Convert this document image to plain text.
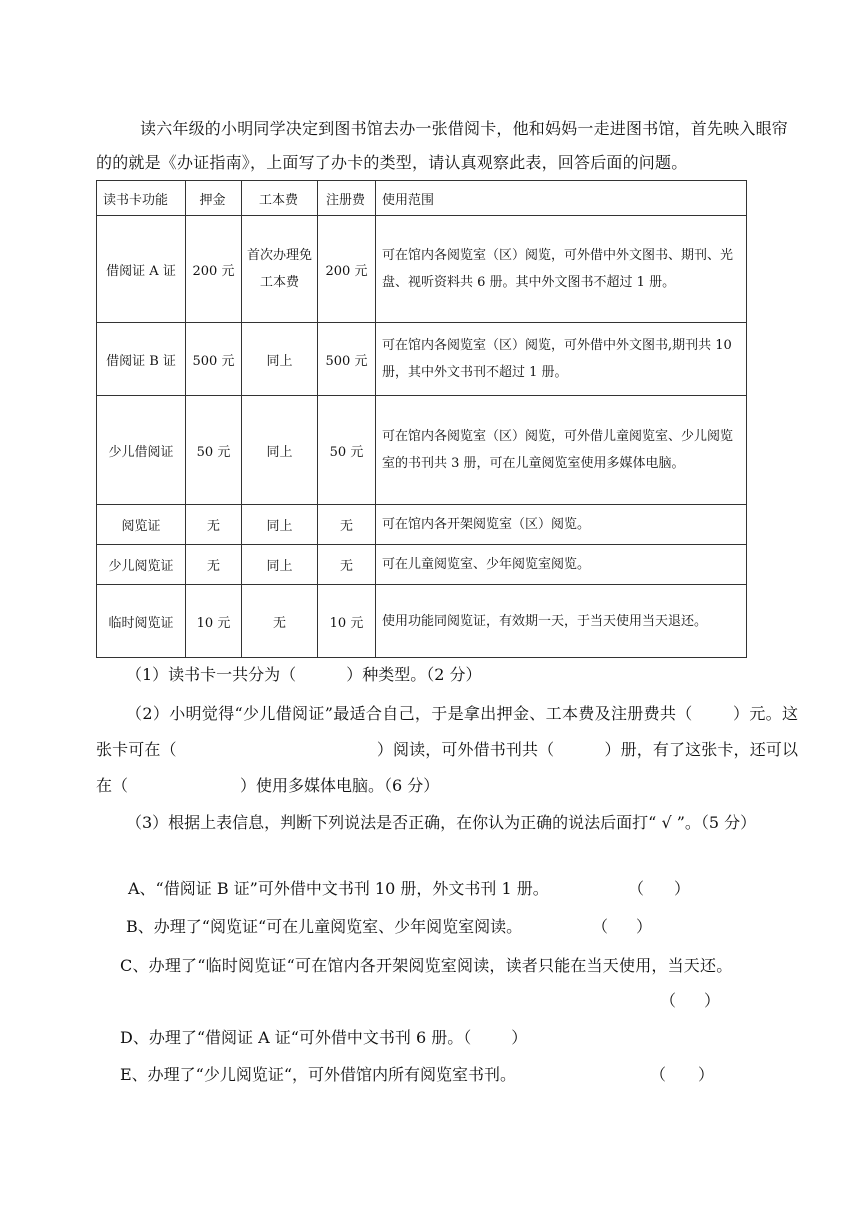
读六年级的小明同学决定到图书馆去办一张借阅卡，他和妈妈一走进图书馆，首先映入眼帘的的就是《办证指南》，上面写了办卡的类型，请认真观察此表，回答后面的问题。

读书卡功能	押金	工本费	注册费	使用范围
借阅证 A 证	200 元	首次办理免工本费	200 元	可在馆内各阅览室（区）阅览，可外借中外文图书、期刊、光盘、视听资料共 6 册。其中外文图书不超过 1 册。
借阅证 B 证	500 元	同上	500 元	可在馆内各阅览室（区）阅览，可外借中外文图书,期刊共 10 册，其中外文书刊不超过 1 册。
少儿借阅证	50 元	同上	50 元	可在馆内各阅览室（区）阅览，可外借儿童阅览室、少儿阅览室的书刊共 3 册，可在儿童阅览室使用多媒体电脑。
阅览证	无	同上	无	可在馆内各开架阅览室（区）阅览。
少儿阅览证	无	同上	无	可在儿童阅览室、少年阅览室阅览。
临时阅览证	10 元	无	10 元	使用功能同阅览证，有效期一天，于当天使用当天退还。

（1）读书卡一共分为（	）种类型。（2 分）

（2）小明觉得“少儿借阅证”最适合自己，于是拿出押金、工本费及注册费共（	）元。这张卡可在（	）阅读，可外借书刊共（	）册，有了这张卡，还可以在（	）使用多媒体电脑。（6 分）

（3）根据上表信息，判断下列说法是否正确，在你认为正确的说法后面打“ √ ”。（5 分）

A、“借阅证 B 证”可外借中文书刊 10 册，外文书刊 1 册。	（ ）

B、办理了“阅览证“可在儿童阅览室、少年阅览室阅读。	（ ）

C、办理了“临时阅览证“可在馆内各开架阅览室阅读，读者只能在当天使用，当天还。

（ ）

D、办理了“借阅证 A 证“可外借中文书刊 6 册。（	）

E、办理了“少儿阅览证“，可外借馆内所有阅览室书刊。	（ ）
